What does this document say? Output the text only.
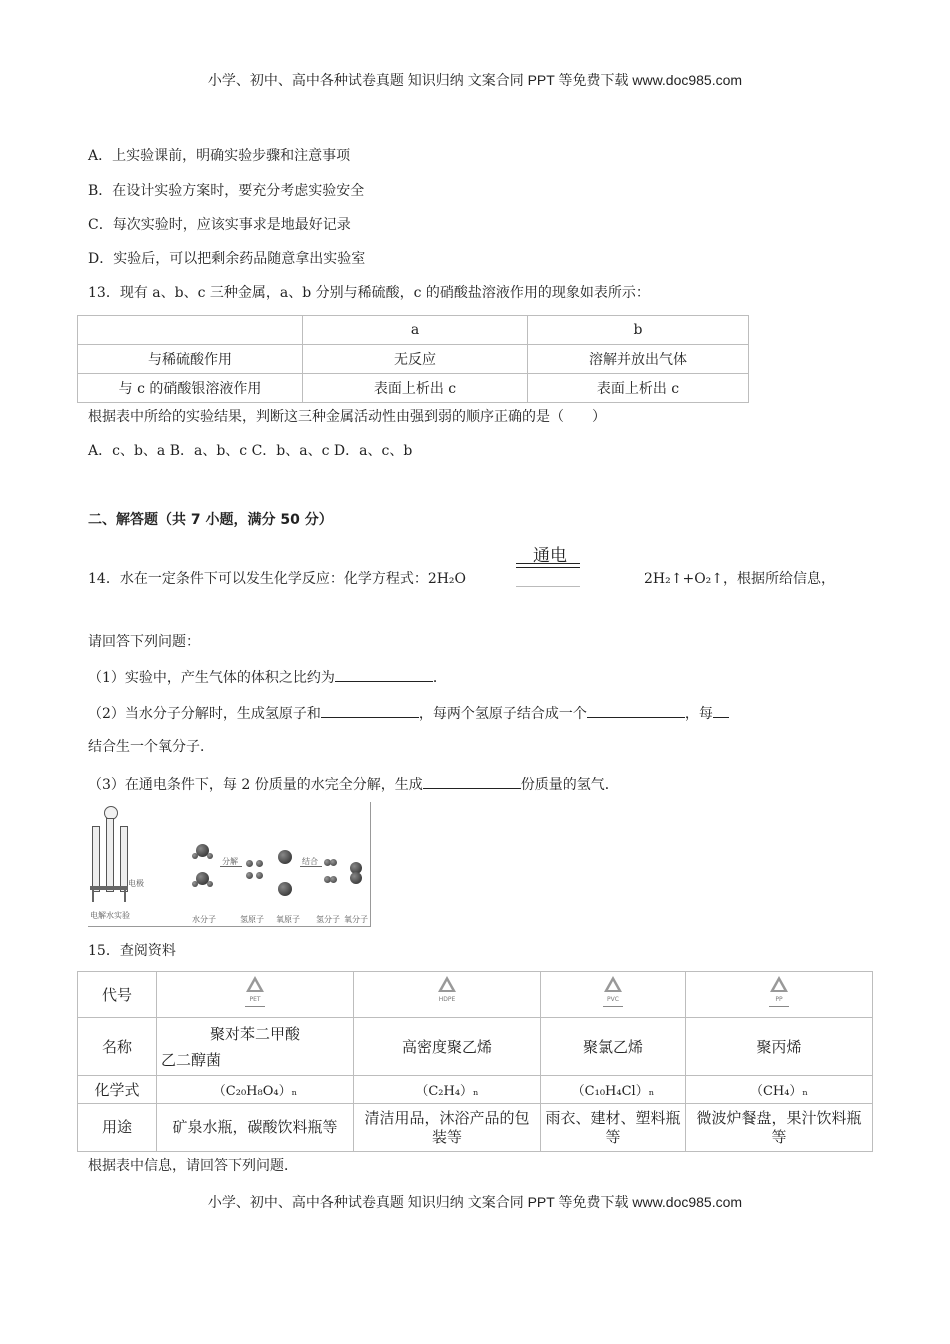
小学、初中、高中各种试卷真题 知识归纳 文案合同 PPT 等免费下载 www.doc985.com
A．上实验课前，明确实验步骤和注意事项
B．在设计实验方案时，要充分考虑实验安全
C．每次实验时，应该实事求是地最好记录
D．实验后，可以把剩余药品随意拿出实验室
13．现有 a、b、c 三种金属，a、b 分别与稀硫酸，c 的硝酸盐溶液作用的现象如表所示：
	a	b
与稀硫酸作用	无反应	溶解并放出气体
与 c 的硝酸银溶液作用	表面上析出 c	表面上析出 c
根据表中所给的实验结果，判断这三种金属活动性由强到弱的顺序正确的是（　　）
A．c、b、a B．a、b、c C．b、a、c D．a、c、b
二、解答题（共 7 小题，满分 50 分）
通电
14．水在一定条件下可以发生化学反应：化学方程式：2H₂O	2H₂↑+O₂↑，根据所给信息，
请回答下列问题：
（1）实验中，产生气体的体积之比约为	．
（2）当水分子分解时，生成氢原子和	，每两个氢原子结合成一个	，每
结合生一个氧分子．
（3）在通电条件下，每 2 份质量的水完全分解，生成	份质量的氢气．
电极
电解水实验
分解	结合
水分子	氢原子 氧原子 氢分子 氧分子
15．查阅资料
代号	PET	HDPE	PVC	PP

名称	聚对苯二甲酸
乙二醇菌	高密度聚乙烯	聚氯乙烯	聚丙烯
化学式	（C₂₀H₈O₄）ₙ	（C₂H₄）ₙ	（C₁₀H₄Cl）ₙ	（CH₄）ₙ
用途	矿泉水瓶，碳酸饮料瓶等	清洁用品，沐浴产品的包装等	雨衣、建材、塑料瓶等	微波炉餐盘，果汁饮料瓶等
根据表中信息，请回答下列问题．
小学、初中、高中各种试卷真题 知识归纳 文案合同 PPT 等免费下载 www.doc985.com
